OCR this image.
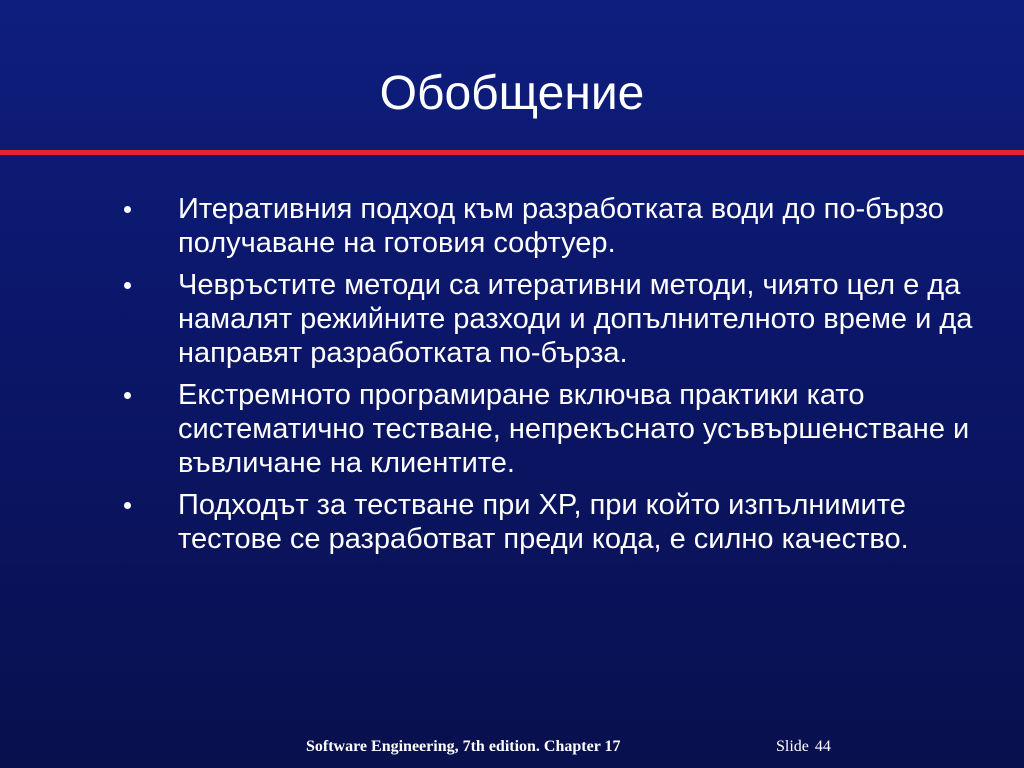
Обобщение
Итеративния подход към разработката води до по-бързо получаване на готовия софтуер.
Чевръстите методи са итеративни методи, чиято цел е да намалят режийните разходи и допълнителното време и да направят разработката по-бърза.
Екстремното програмиране включва практики като систематично тестване, непрекъснато усъвършенстване и въвличане на клиентите.
Подходът за тестване при XP, при който изпълнимите тестове се разработват преди кода, е силно качество.
Software Engineering, 7th edition. Chapter 17	Slide 44
